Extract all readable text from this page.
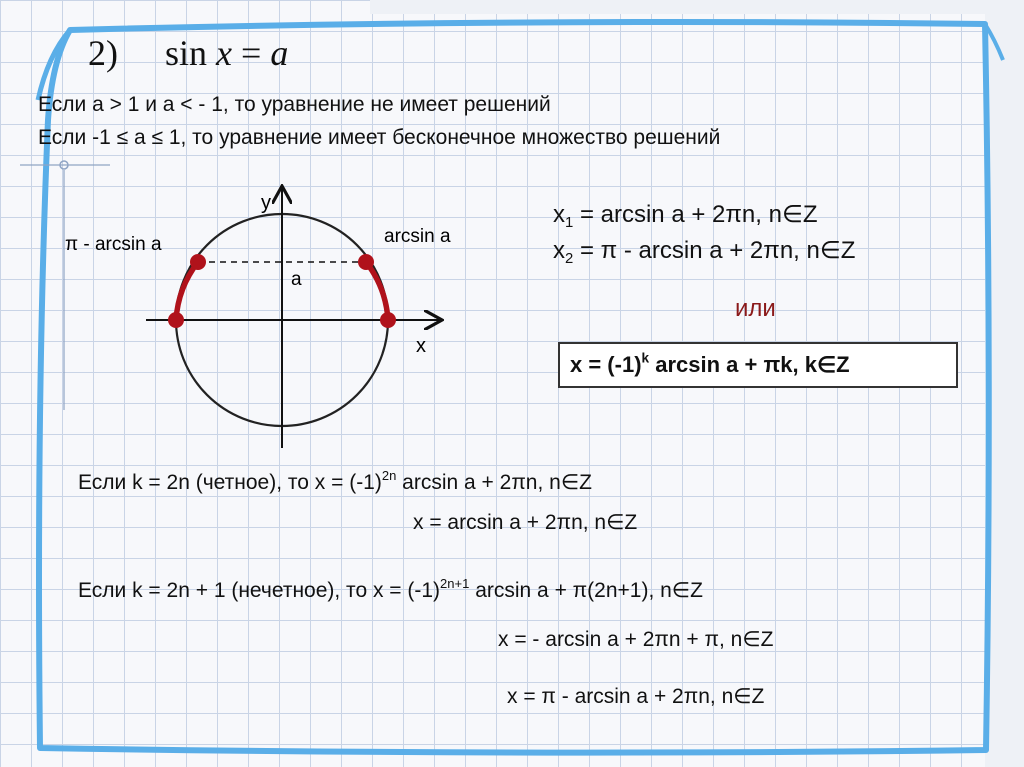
2) sin x = a
Если a > 1 и a < - 1, то уравнение не имеет решений
Если -1 ≤ a ≤ 1, то уравнение имеет бесконечное множество решений
y
x
a
π - arcsin a	arcsin a
$x_1 = \arcsin a + 2\pi n$, n∈Z
$x_2 = \pi - \arcsin a + 2\pi n$, n∈Z
или
$x = (-1)^k$ arcsin a + πk, k∈Z
Если k = 2n (четное), то $x = (-1)^{2n}$ arcsin a + 2πn, n∈Z
x = arcsin a + 2πn, n∈Z
Если k = 2n + 1 (нечетное), то $x = (-1)^{2n+1}$ arcsin a + π(2n+1), n∈Z
x = - arcsin a + 2πn + π, n∈Z
x = π - arcsin a + 2πn, n∈Z
